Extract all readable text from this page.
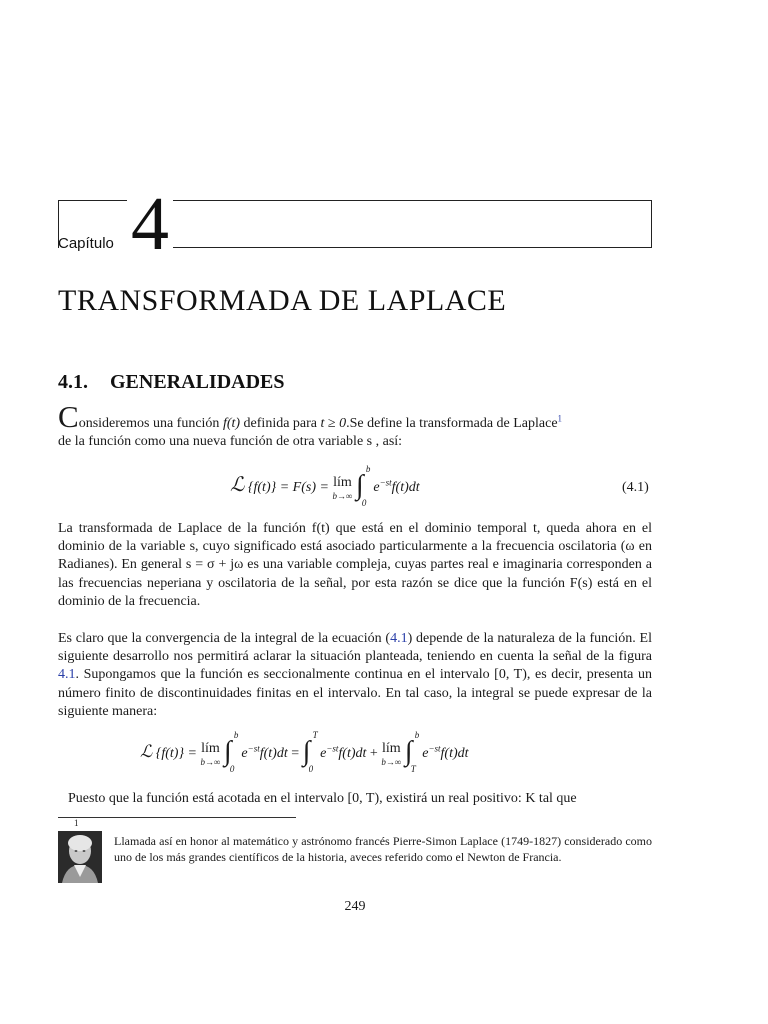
Capítulo 4
TRANSFORMADA DE LAPLACE
4.1. GENERALIDADES

Consideremos una función f(t) definida para t ≥ 0.Se define la transformada de Laplace$^1$

de la función como una nueva función de otra variable s , así:

ℒ {f(t)} = F(s) = lím
b→∞
∫
b
0
$e^{-st}f(t)dt$	(4.1)
La transformada de Laplace de la función f(t) que está en el dominio temporal t, queda ahora en el dominio de la variable s, cuyo significado está asociado particularmente a la frecuencia oscilatoria (ω en Radianes). En general s = σ + jω es una variable compleja, cuyas partes real e imaginaria corresponden a las frecuencias neperiana y oscilatoria de la señal, por esta razón se dice que la función F(s) está en el dominio de la frecuencia.
Es claro que la convergencia de la integral de la ecuación (4.1) depende de la naturaleza de la función. El siguiente desarrollo nos permitirá aclarar la situación planteada, teniendo en cuenta la señal de la figura 4.1. Supongamos que la función es seccionalmente continua en el intervalo [0, T), es decir, presenta un número finito de discontinuidades finitas en el intervalo. En tal caso, la integral se puede expresar de la siguiente manera:
ℒ {f(t)} = lím
b→∞
∫
b
0
$e^{-st}f(t)dt$ = ∫
T
0
$e^{-st}f(t)dt$ + lím
b→∞
∫
b
T
$e^{-st}f(t)dt$
Puesto que la función está acotada en el intervalo [0, T), existirá un real positivo: K tal que
1
Llamada así en honor al matemático y astrónomo francés Pierre-Simon Laplace (1749-1827) considerado como uno de los más grandes científicos de la historia, aveces referido como el Newton de Francia.
249
